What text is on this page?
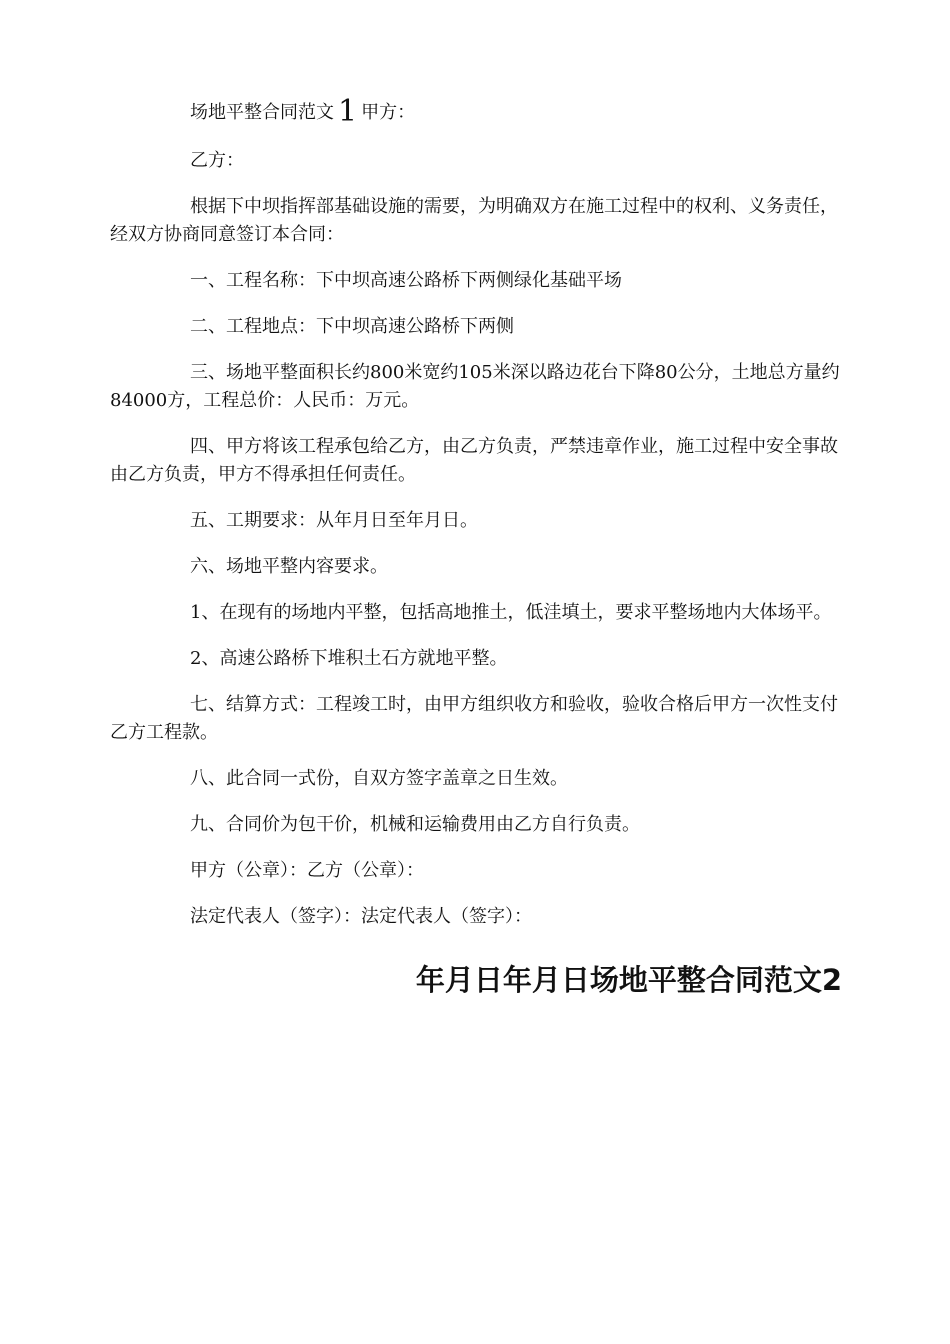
场地平整合同范文 1 甲方：

乙方：

根据下中坝指挥部基础设施的需要，为明确双方在施工过程中的权利、义务责任，经双方协商同意签订本合同：

一、工程名称：下中坝高速公路桥下两侧绿化基础平场

二、工程地点：下中坝高速公路桥下两侧

三、场地平整面积长约800米宽约105米深以路边花台下降80公分，土地总方量约84000方，工程总价：人民币：万元。

四、甲方将该工程承包给乙方，由乙方负责，严禁违章作业，施工过程中安全事故由乙方负责，甲方不得承担任何责任。

五、工期要求：从年月日至年月日。

六、场地平整内容要求。

1、在现有的场地内平整，包括高地推土，低洼填土，要求平整场地内大体场平。

2、高速公路桥下堆积土石方就地平整。

七、结算方式：工程竣工时，由甲方组织收方和验收，验收合格后甲方一次性支付乙方工程款。

八、此合同一式份，自双方签字盖章之日生效。

九、合同价为包干价，机械和运输费用由乙方自行负责。

甲方（公章）：乙方（公章）：

法定代表人（签字）：法定代表人（签字）：

年月日年月日场地平整合同范文2
